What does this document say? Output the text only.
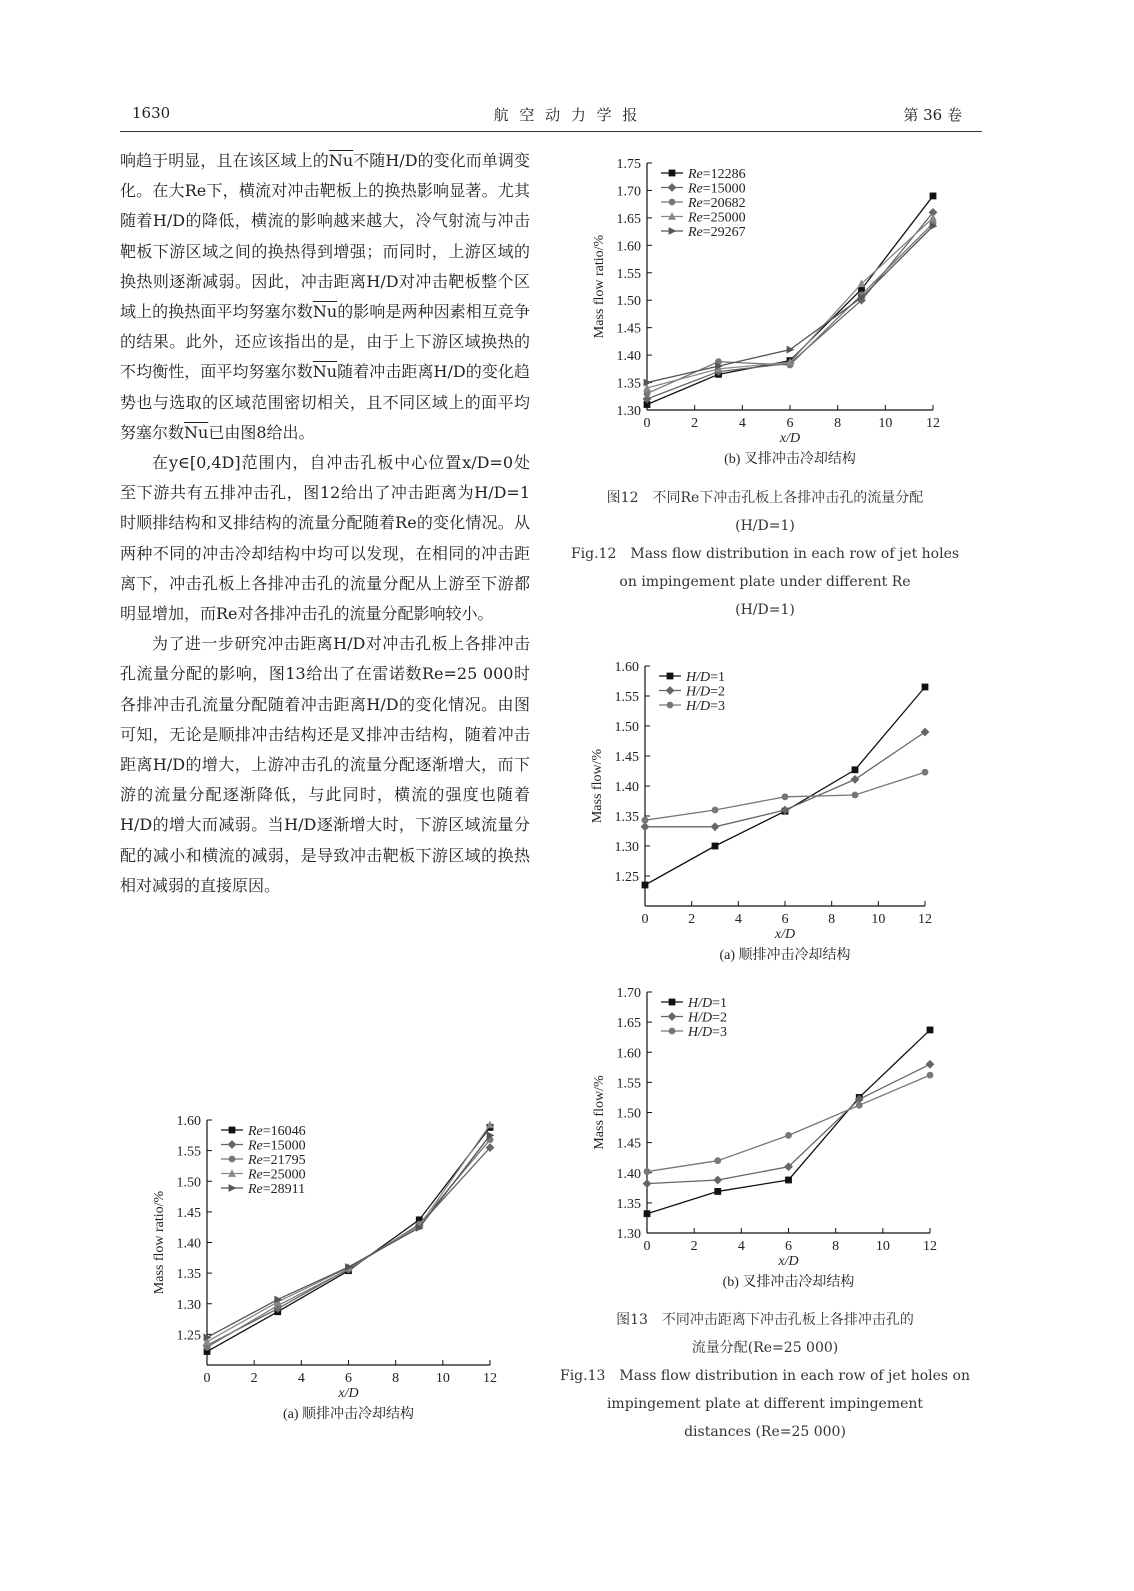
1630	航 空 动 力 学 报	第 36 卷

响趋于明显，且在该区域上的$\overline{Nu}$不随H/D的变化而单调变化。在大Re下，横流对冲击靶板上的换热影响显著。尤其随着H/D的降低，横流的影响越来越大，冷气射流与冲击靶板下游区域之间的换热得到增强；而同时，上游区域的换热则逐渐减弱。因此，冲击距离H/D对冲击靶板整个区域上的换热面平均努塞尔数$\overline{Nu}$的影响是两种因素相互竞争的结果。此外，还应该指出的是，由于上下游区域换热的不均衡性，面平均努塞尔数$\overline{Nu}$随着冲击距离H/D的变化趋势也与选取的区域范围密切相关，且不同区域上的面平均努塞尔数$\overline{Nu}$已由图8给出。

在y∈[0,4D]范围内，自冲击孔板中心位置x/D=0处至下游共有五排冲击孔，图12给出了冲击距离为H/D=1时顺排结构和叉排结构的流量分配随着Re的变化情况。从两种不同的冲击冷却结构中均可以发现，在相同的冲击距离下，冲击孔板上各排冲击孔的流量分配从上游至下游都明显增加，而Re对各排冲击孔的流量分配影响较小。

为了进一步研究冲击距离H/D对冲击孔板上各排冲击孔流量分配的影响，图13给出了在雷诺数Re=25 000时各排冲击孔流量分配随着冲击距离H/D的变化情况。由图可知，无论是顺排冲击结构还是叉排冲击结构，随着冲击距离H/D的增大，上游冲击孔的流量分配逐渐增大，而下游的流量分配逐渐降低，与此同时，横流的强度也随着H/D的增大而减弱。当H/D逐渐增大时，下游区域流量分配的减小和横流的减弱，是导致冲击靶板下游区域的换热相对减弱的直接原因。

1.25
1.30
1.35
1.40
1.45
1.50
1.55
1.60
0	2	4	6	8	10 12
x/D
Mass flow ratio/%
(a) 顺排冲击冷却结构
Re=16046
Re=15000
Re=21795
Re=25000
Re=28911
1.30
1.35
1.40
1.45
1.50
1.55
1.60
1.65
1.70
1.75
0	2	4	6	8	10 12
x/D
Mass flow ratio/%
(b) 叉排冲击冷却结构
Re=12286
Re=15000
Re=20682
Re=25000
Re=29267
1.25
1.30
1.35
1.40
1.45
1.50
1.55
1.60
0	2	4	6	8	10 12
x/D
Mass flow/%
(a) 顺排冲击冷却结构
H/D=1
H/D=2
H/D=3
1.30
1.35
1.40
1.45
1.50
1.55
1.60
1.65
1.70
0	2	4	6	8	10 12
x/D
Mass flow/%
(b) 叉排冲击冷却结构
H/D=1
H/D=2
H/D=3

图12　不同Re下冲击孔板上各排冲击孔的流量分配

(H/D=1)

Fig.12　Mass flow distribution in each row of jet holes

on impingement plate under different Re

(H/D=1)

图13　不同冲击距离下冲击孔板上各排冲击孔的

流量分配(Re=25 000)

Fig.13　Mass flow distribution in each row of jet holes on

impingement plate at different impingement

distances (Re=25 000)
